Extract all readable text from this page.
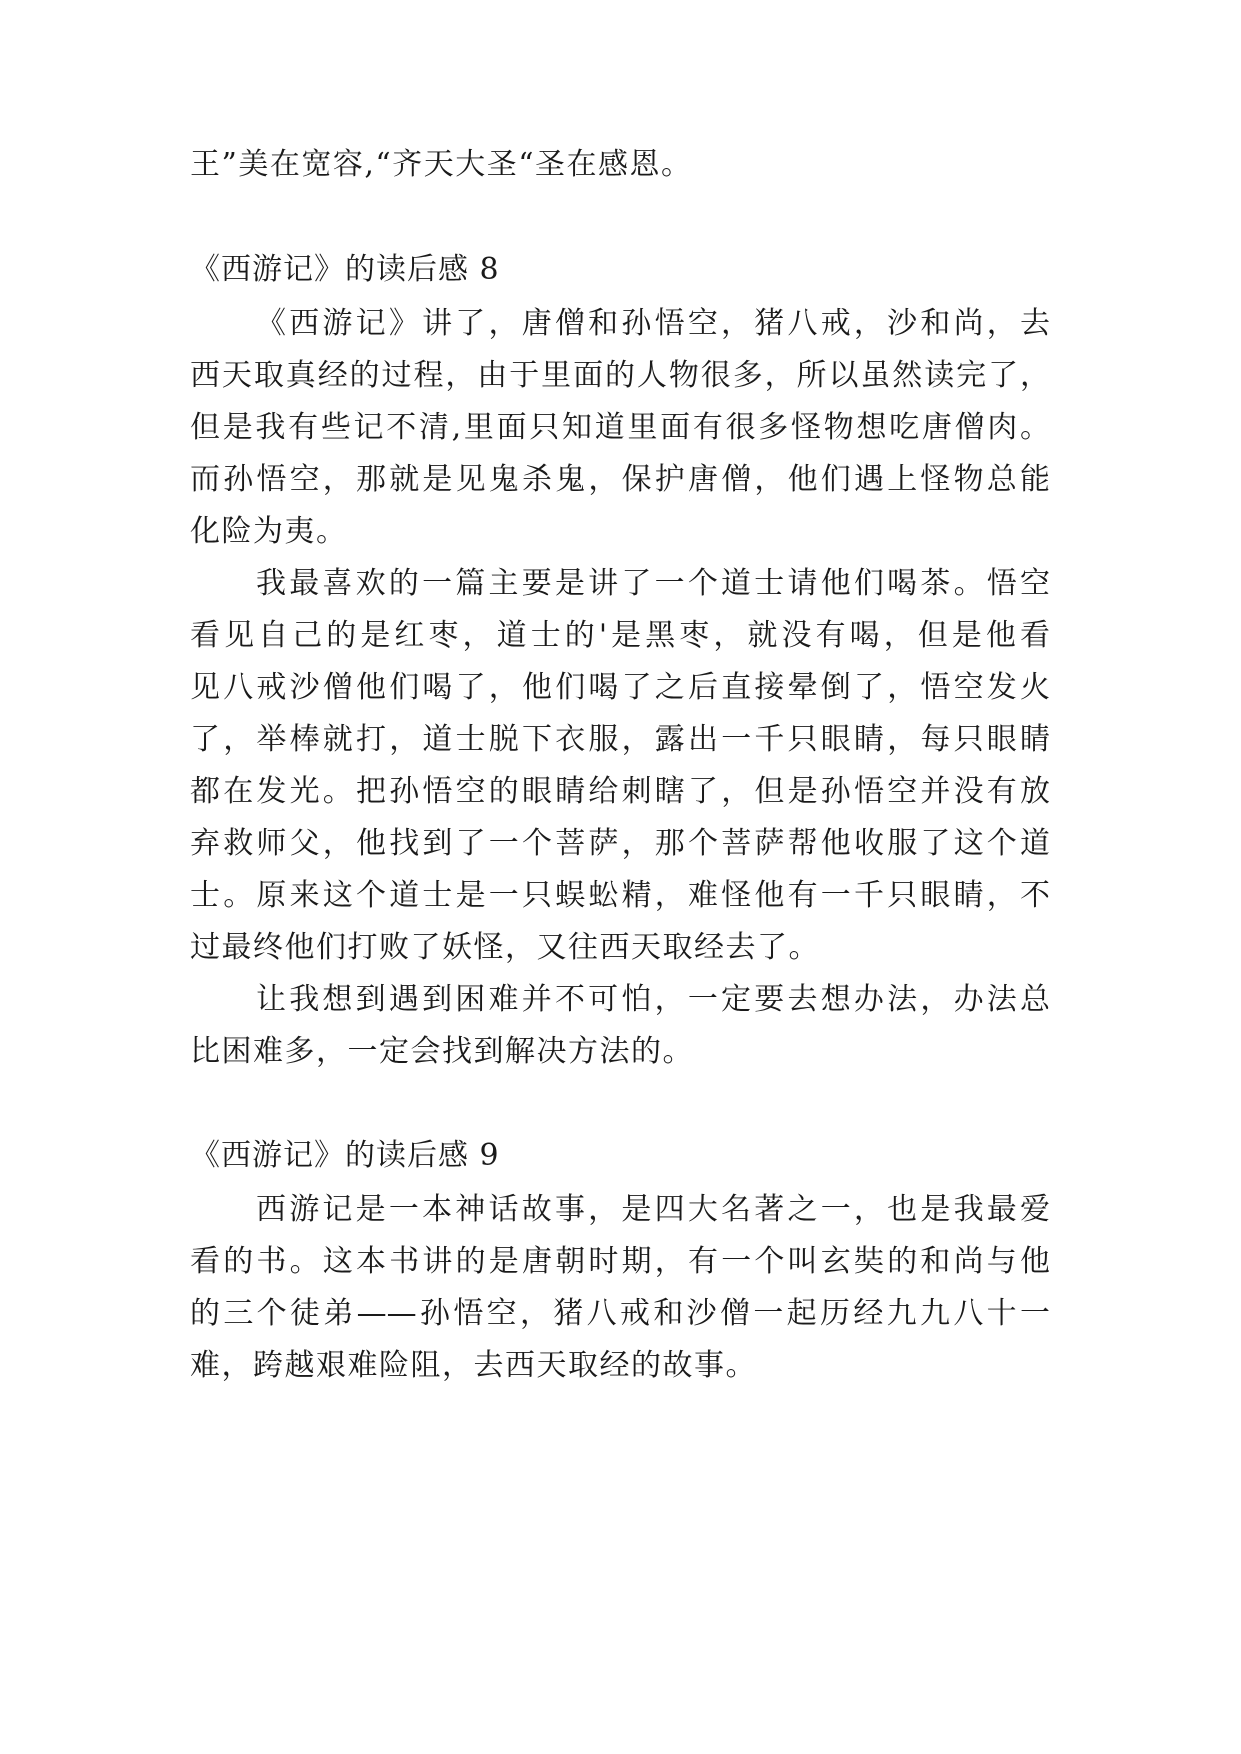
王”美在宽容,“齐天大圣“圣在感恩。
《西游记》的读后感 8
《西游记》讲了，唐僧和孙悟空，猪八戒，沙和尚，去
西天取真经的过程，由于里面的人物很多，所以虽然读完了，
但是我有些记不清,里面只知道里面有很多怪物想吃唐僧肉。
而孙悟空，那就是见鬼杀鬼，保护唐僧，他们遇上怪物总能
化险为夷。
我最喜欢的一篇主要是讲了一个道士请他们喝茶。悟空
看见自己的是红枣，道士的'是黑枣，就没有喝，但是他看
见八戒沙僧他们喝了，他们喝了之后直接晕倒了，悟空发火
了，举棒就打，道士脱下衣服，露出一千只眼睛，每只眼睛
都在发光。把孙悟空的眼睛给刺瞎了，但是孙悟空并没有放
弃救师父，他找到了一个菩萨，那个菩萨帮他收服了这个道
士。原来这个道士是一只蜈蚣精，难怪他有一千只眼睛，不
过最终他们打败了妖怪，又往西天取经去了。
让我想到遇到困难并不可怕，一定要去想办法，办法总
比困难多，一定会找到解决方法的。
《西游记》的读后感 9
西游记是一本神话故事，是四大名著之一，也是我最爱
看的书。这本书讲的是唐朝时期，有一个叫玄奘的和尚与他
的三个徒弟——孙悟空，猪八戒和沙僧一起历经九九八十一
难，跨越艰难险阻，去西天取经的故事。
